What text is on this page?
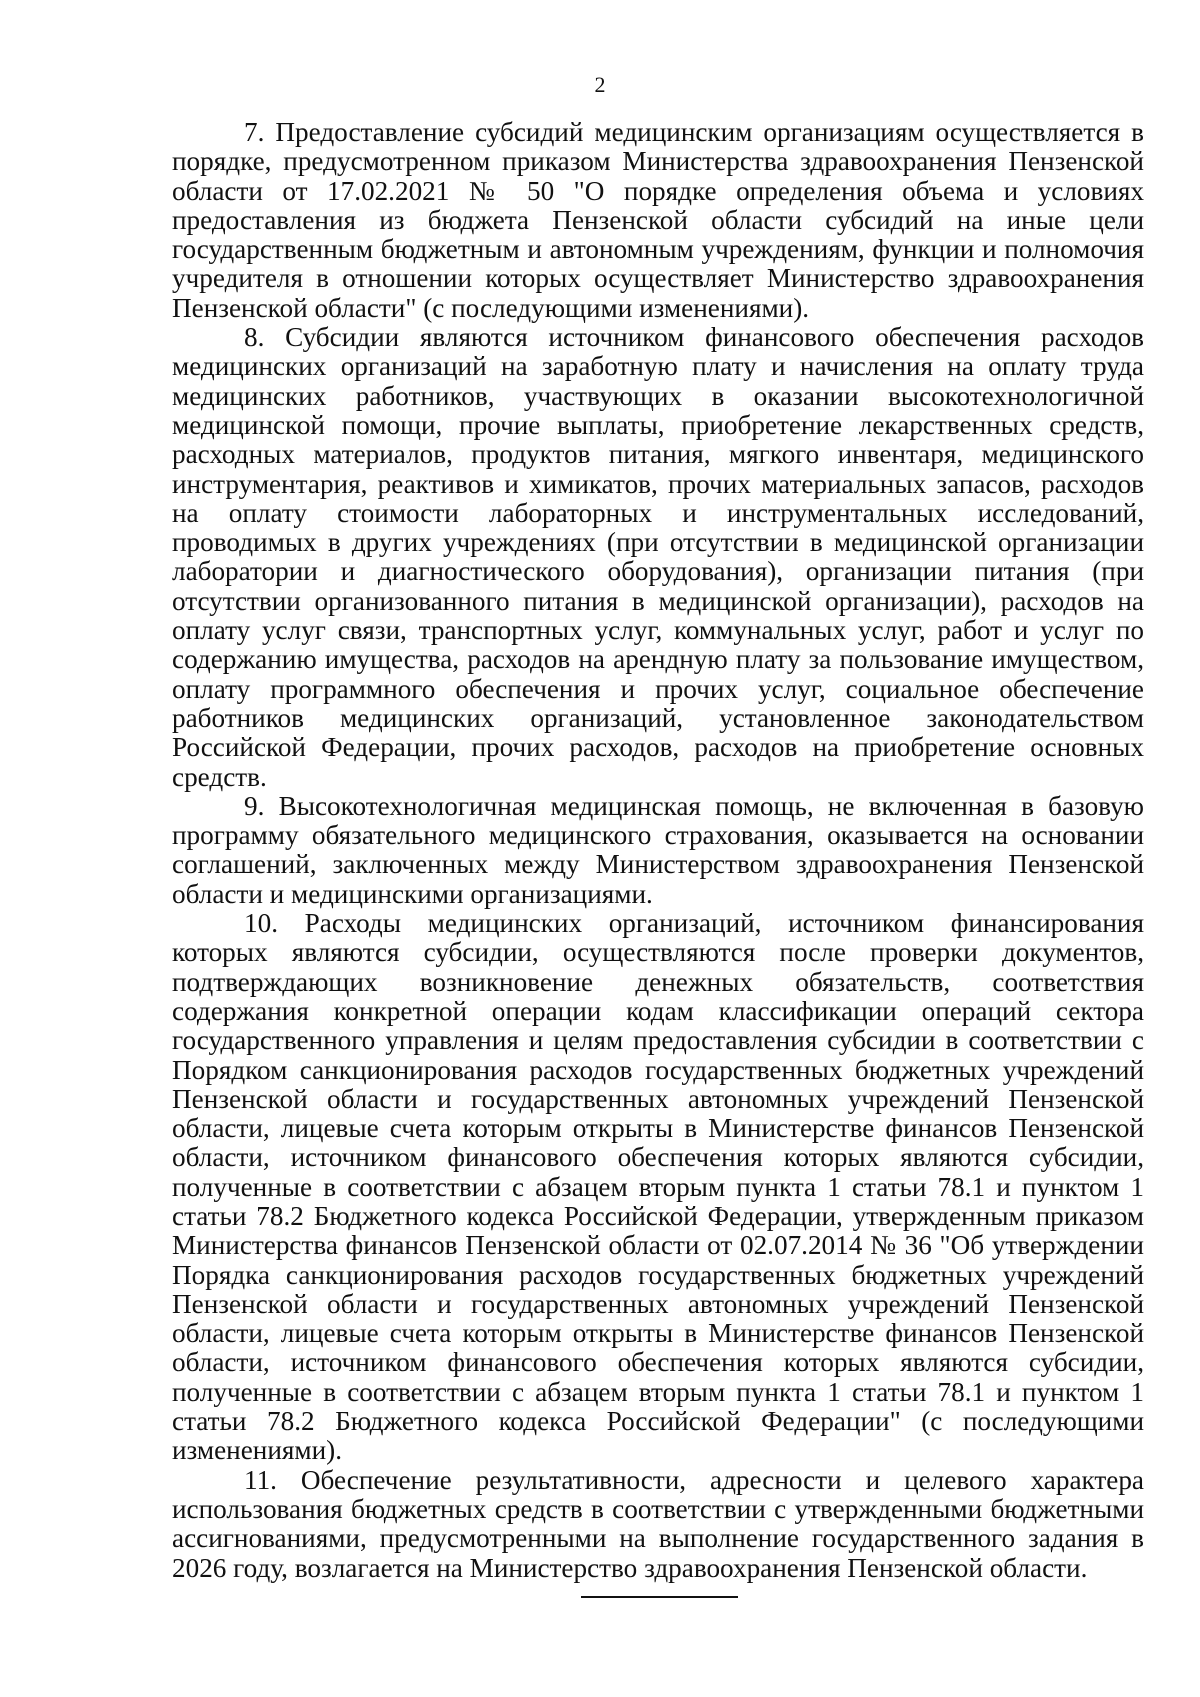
2

7. Предоставление субсидий медицинским организациям осуществляется в порядке, предусмотренном приказом Министерства здравоохранения Пензенской области от 17.02.2021 № 50 "О порядке определения объема и условиях предоставления из бюджета Пензенской области субсидий на иные цели государственным бюджетным и автономным учреждениям, функции и полномочия учредителя в отношении которых осуществляет Министерство здравоохранения Пензенской области" (с последующими изменениями).

8. Субсидии являются источником финансового обеспечения расходов медицинских организаций на заработную плату и начисления на оплату труда медицинских работников, участвующих в оказании высокотехнологичной медицинской помощи, прочие выплаты, приобретение лекарственных средств, расходных материалов, продуктов питания, мягкого инвентаря, медицинского инструментария, реактивов и химикатов, прочих материальных запасов, расходов на оплату стоимости лабораторных и инструментальных исследований, проводимых в других учреждениях (при отсутствии в медицинской организации лаборатории и диагностического оборудования), организации питания (при отсутствии организованного питания в медицинской организации), расходов на оплату услуг связи, транспортных услуг, коммунальных услуг, работ и услуг по содержанию имущества, расходов на арендную плату за пользование имуществом, оплату программного обеспечения и прочих услуг, социальное обеспечение работников медицинских организаций, установленное законодательством Российской Федерации, прочих расходов, расходов на приобретение основных средств.

9. Высокотехнологичная медицинская помощь, не включенная в базовую программу обязательного медицинского страхования, оказывается на основании соглашений, заключенных между Министерством здравоохранения Пензенской области и медицинскими организациями.

10. Расходы медицинских организаций, источником финансирования которых являются субсидии, осуществляются после проверки документов, подтверждающих возникновение денежных обязательств, соответствия содержания конкретной операции кодам классификации операций сектора государственного управления и целям предоставления субсидии в соответствии с Порядком санкционирования расходов государственных бюджетных учреждений Пензенской области и государственных автономных учреждений Пензенской области, лицевые счета которым открыты в Министерстве финансов Пензенской области, источником финансового обеспечения которых являются субсидии, полученные в соответствии с абзацем вторым пункта 1 статьи 78.1 и пунктом 1 статьи 78.2 Бюджетного кодекса Российской Федерации, утвержденным приказом Министерства финансов Пензенской области от 02.07.2014 № 36 "Об утверждении Порядка санкционирования расходов государственных бюджетных учреждений Пензенской области и государственных автономных учреждений Пензенской области, лицевые счета которым открыты в Министерстве финансов Пензенской области, источником финансового обеспечения которых являются субсидии, полученные в соответствии с абзацем вторым пункта 1 статьи 78.1 и пунктом 1 статьи 78.2 Бюджетного кодекса Российской Федерации" (с последующими изменениями).

11. Обеспечение результативности, адресности и целевого характера использования бюджетных средств в соответствии с утвержденными бюджетными ассигнованиями, предусмотренными на выполнение государственного задания в 2026 году, возлагается на Министерство здравоохранения Пензенской области.
